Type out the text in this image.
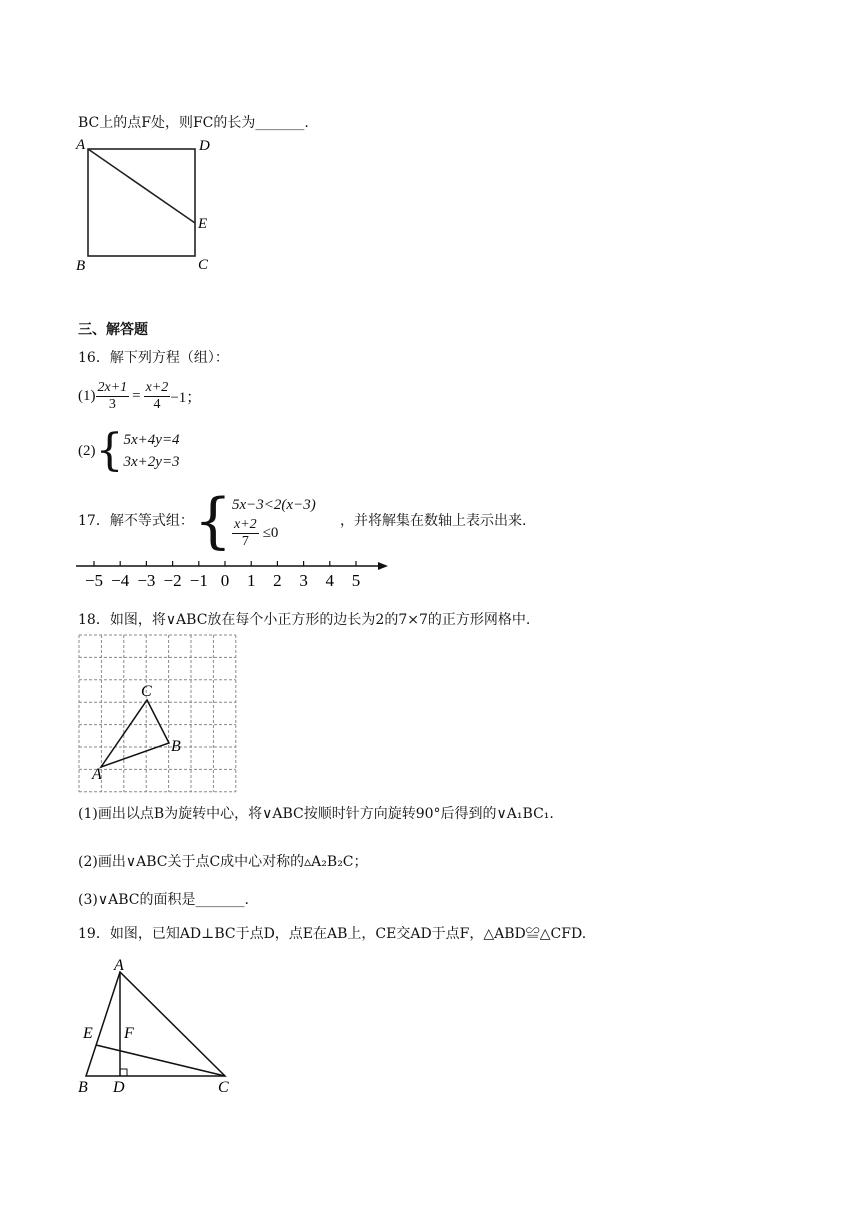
BC上的点F处，则FC的长为_______.
A	D
E
B	C
三、解答题
16．解下列方程（组）：
$(1) \frac{2x+1}{3} = \frac{x+2}{4} -1$；
(2) { 5x+4y=4
3x+2y=3
17．解不等式组： { 5x−3<2(x−3)
$\frac{x+2}{7} \le 0$
，并将解集在数轴上表示出来.
−5 −4 −3 −2 −1 0 1 2 3 4 5
18．如图，将∨ABC放在每个小正方形的边长为2的7×7的正方形网格中.
C
B
A
(1)画出以点B为旋转中心，将∨ABC按顺时针方向旋转90°后得到的∨A₁BC₁.
(2)画出∨ABC关于点C成中心对称的▵A₂B₂C；
(3)∨ABC的面积是_______.
19．如图，已知AD⊥BC于点D，点E在AB上，CE交AD于点F，△ABD≌△CFD.
A
E F
B D	C
